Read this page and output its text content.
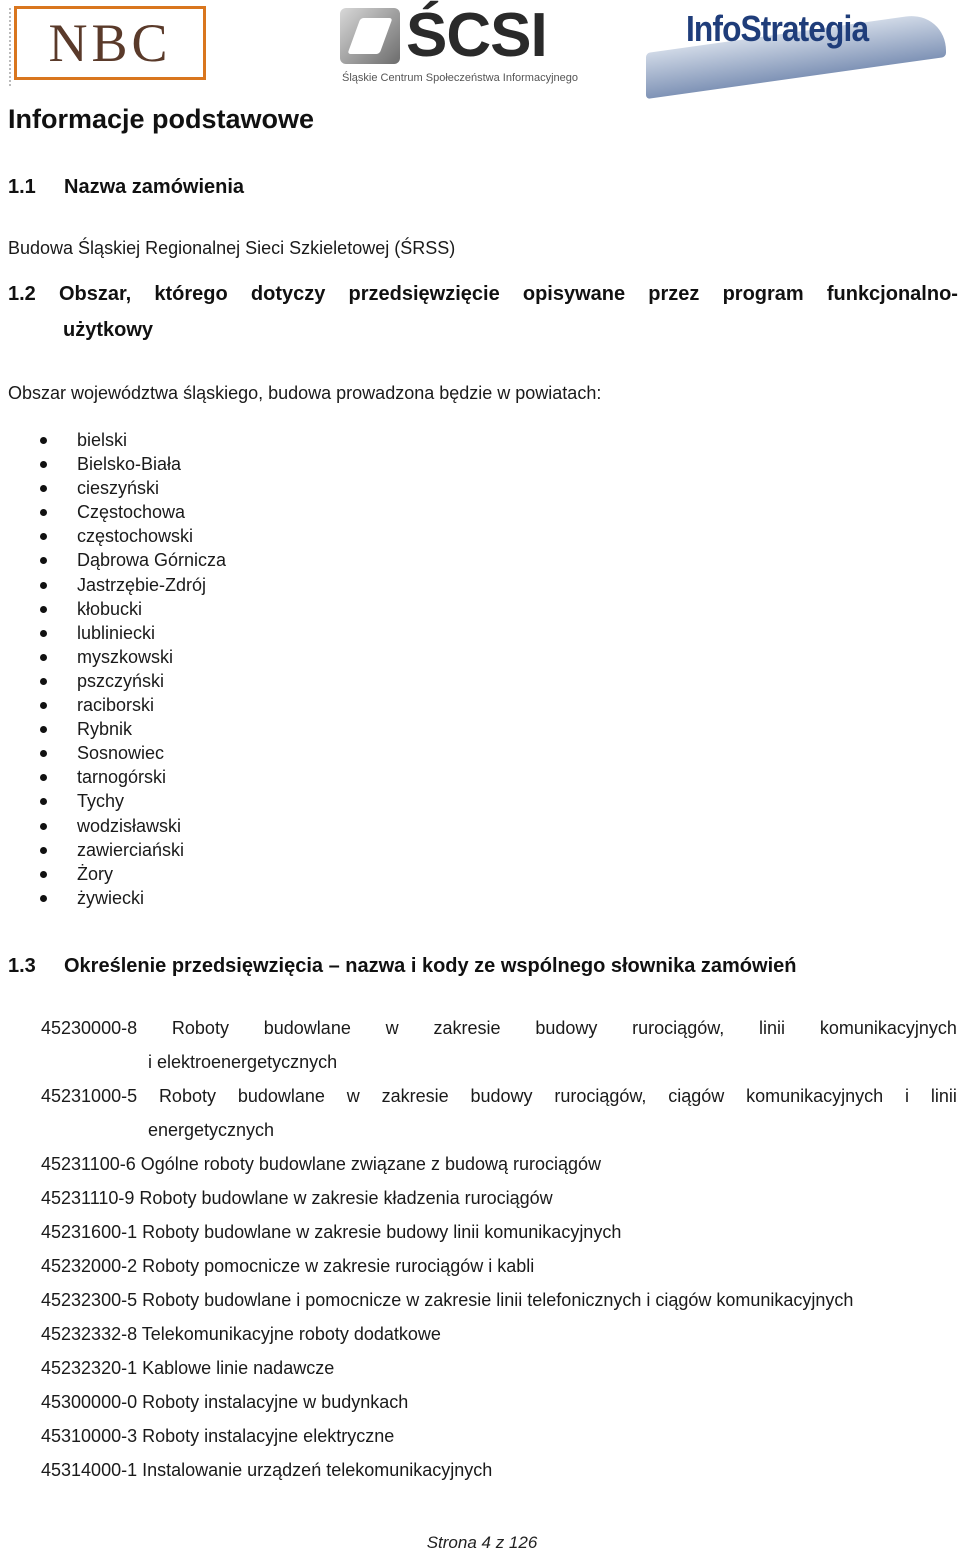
NBC	ŚCSI
Śląskie Centrum Społeczeństwa Informacyjnego
InfoStrategia
Informacje podstawowe
1.1 Nazwa zamówienia

Budowa Śląskiej Regionalnej Sieci Szkieletowej (ŚRSS)

1.2 Obszar, którego dotyczy przedsięwzięcie opisywane przez program funkcjonalno-
użytkowy

Obszar województwa śląskiego, budowa prowadzona będzie w powiatach:

bielski
Bielsko-Biała
cieszyński
Częstochowa
częstochowski
Dąbrowa Górnicza
Jastrzębie-Zdrój
kłobucki
lubliniecki
myszkowski
pszczyński
raciborski
Rybnik
Sosnowiec
tarnogórski
Tychy
wodzisławski
zawierciański
Żory
żywiecki
1.3 Określenie przedsięwzięcia – nazwa i kody ze wspólnego słownika zamówień
45230000-8 Roboty budowlane w zakresie budowy rurociągów, linii komunikacyjnych
i elektroenergetycznych
45231000-5 Roboty budowlane w zakresie budowy rurociągów, ciągów komunikacyjnych i linii
energetycznych
45231100-6 Ogólne roboty budowlane związane z budową rurociągów
45231110-9 Roboty budowlane w zakresie kładzenia rurociągów
45231600-1 Roboty budowlane w zakresie budowy linii komunikacyjnych
45232000-2 Roboty pomocnicze w zakresie rurociągów i kabli
45232300-5 Roboty budowlane i pomocnicze w zakresie linii telefonicznych i ciągów komunikacyjnych
45232332-8 Telekomunikacyjne roboty dodatkowe
45232320-1 Kablowe linie nadawcze
45300000-0 Roboty instalacyjne w budynkach
45310000-3 Roboty instalacyjne elektryczne
45314000-1 Instalowanie urządzeń telekomunikacyjnych
Strona 4 z 126
